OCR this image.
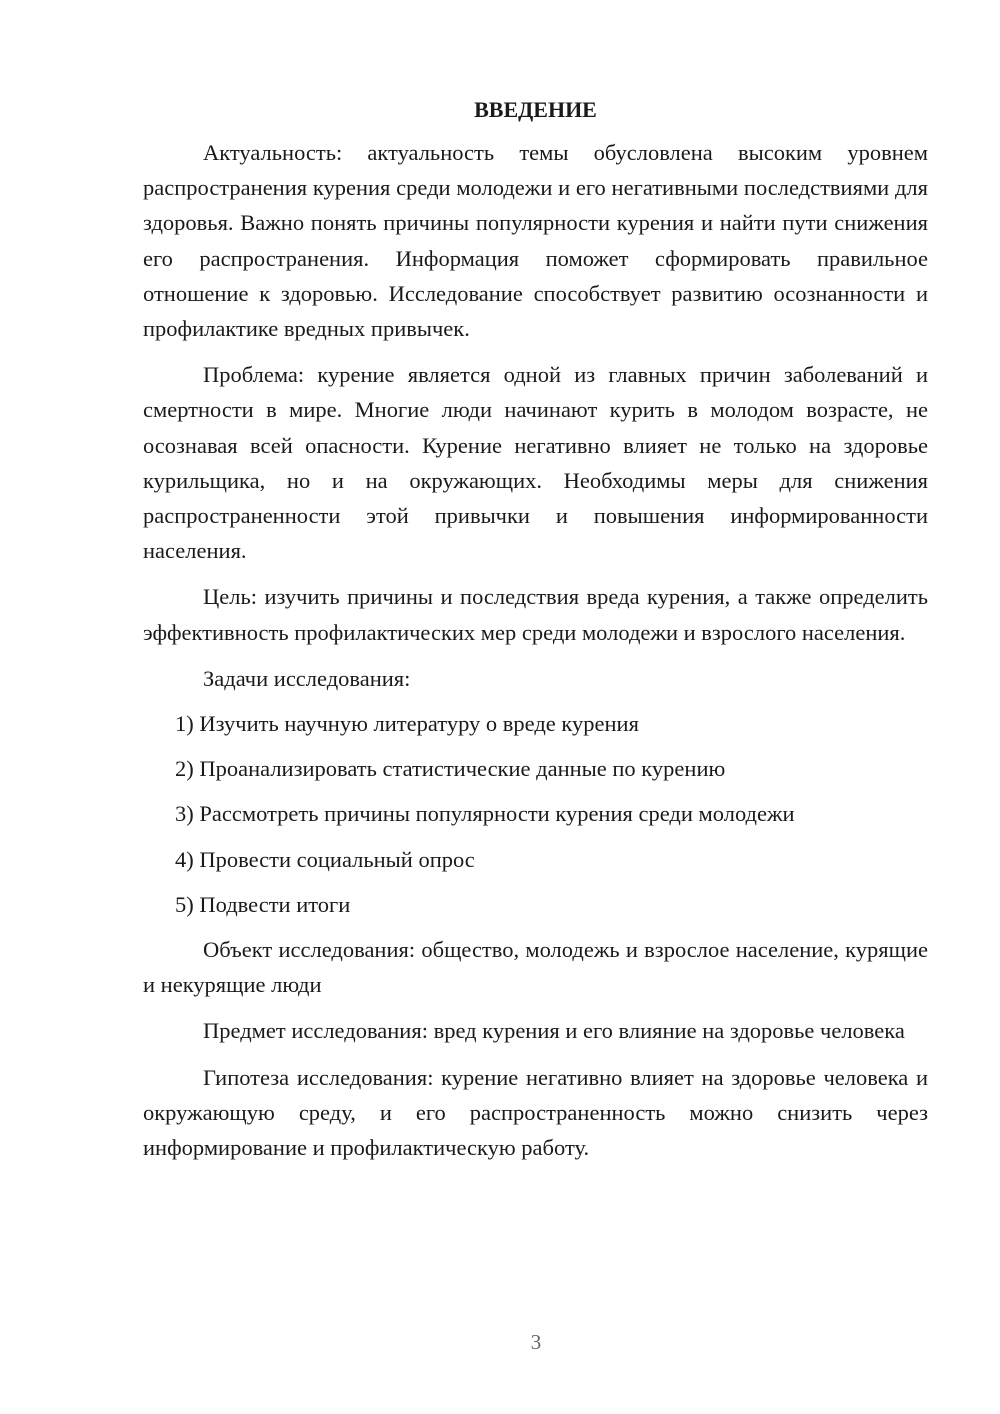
ВВЕДЕНИЕ

Актуальность: актуальность темы обусловлена высоким уровнем распространения курения среди молодежи и его негативными последствиями для здоровья. Важно понять причины популярности курения и найти пути снижения его распространения. Информация поможет сформировать правильное отношение к здоровью. Исследование способствует развитию осознанности и профилактике вредных привычек.

Проблема: курение является одной из главных причин заболеваний и смертности в мире. Многие люди начинают курить в молодом возрасте, не осознавая всей опасности. Курение негативно влияет не только на здоровье курильщика, но и на окружающих. Необходимы меры для снижения распространенности этой привычки и повышения информированности населения.

Цель: изучить причины и последствия вреда курения, а также определить эффективность профилактических мер среди молодежи и взрослого населения.

Задачи исследования:

1) Изучить научную литературу о вреде курения

2) Проанализировать статистические данные по курению

3) Рассмотреть причины популярности курения среди молодежи

4) Провести социальный опрос

5) Подвести итоги

Объект исследования: общество, молодежь и взрослое население, курящие и некурящие люди

Предмет исследования: вред курения и его влияние на здоровье человека

Гипотеза исследования: курение негативно влияет на здоровье человека и окружающую среду, и его распространенность можно снизить через информирование и профилактическую работу.

3
